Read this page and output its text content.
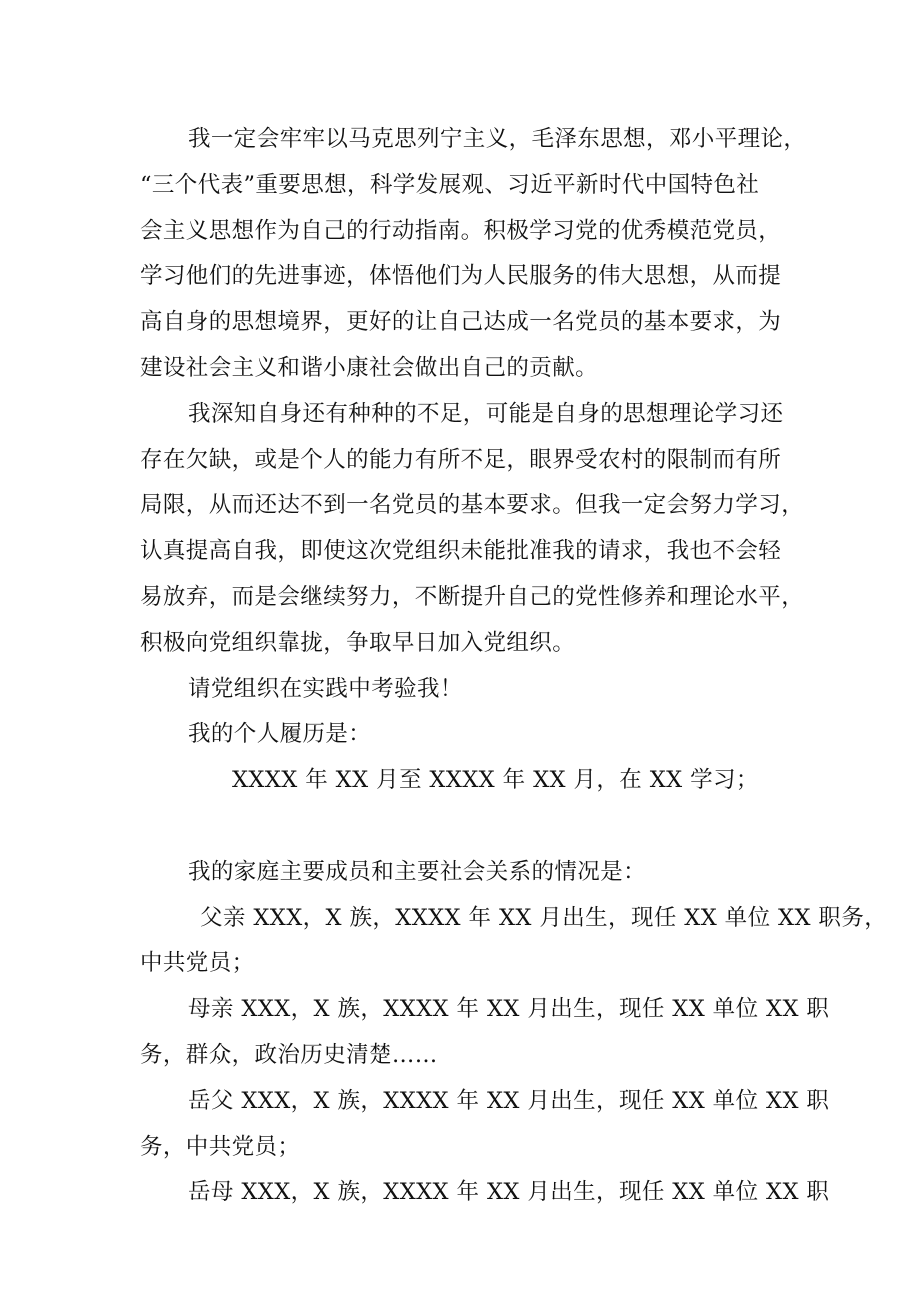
我一定会牢牢以马克思列宁主义，毛泽东思想，邓小平理论，
“三个代表”重要思想，科学发展观、习近平新时代中国特色社
会主义思想作为自己的行动指南。积极学习党的优秀模范党员，
学习他们的先进事迹，体悟他们为人民服务的伟大思想，从而提
高自身的思想境界，更好的让自己达成一名党员的基本要求，为
建设社会主义和谐小康社会做出自己的贡献。
我深知自身还有种种的不足，可能是自身的思想理论学习还
存在欠缺，或是个人的能力有所不足，眼界受农村的限制而有所
局限，从而还达不到一名党员的基本要求。但我一定会努力学习，
认真提高自我，即使这次党组织未能批准我的请求，我也不会轻
易放弃，而是会继续努力，不断提升自己的党性修养和理论水平，
积极向党组织靠拢，争取早日加入党组织。
请党组织在实践中考验我！
我的个人履历是：
XXXX 年 XX 月至 XXXX 年 XX 月，在 XX 学习；
我的家庭主要成员和主要社会关系的情况是：
父亲 XXX，X 族，XXXX 年 XX 月出生，现任 XX 单位 XX 职务，
中共党员；
母亲 XXX，X 族，XXXX 年 XX 月出生，现任 XX 单位 XX 职
务，群众，政治历史清楚……
岳父 XXX，X 族，XXXX 年 XX 月出生，现任 XX 单位 XX 职
务，中共党员；
岳母 XXX，X 族，XXXX 年 XX 月出生，现任 XX 单位 XX 职
